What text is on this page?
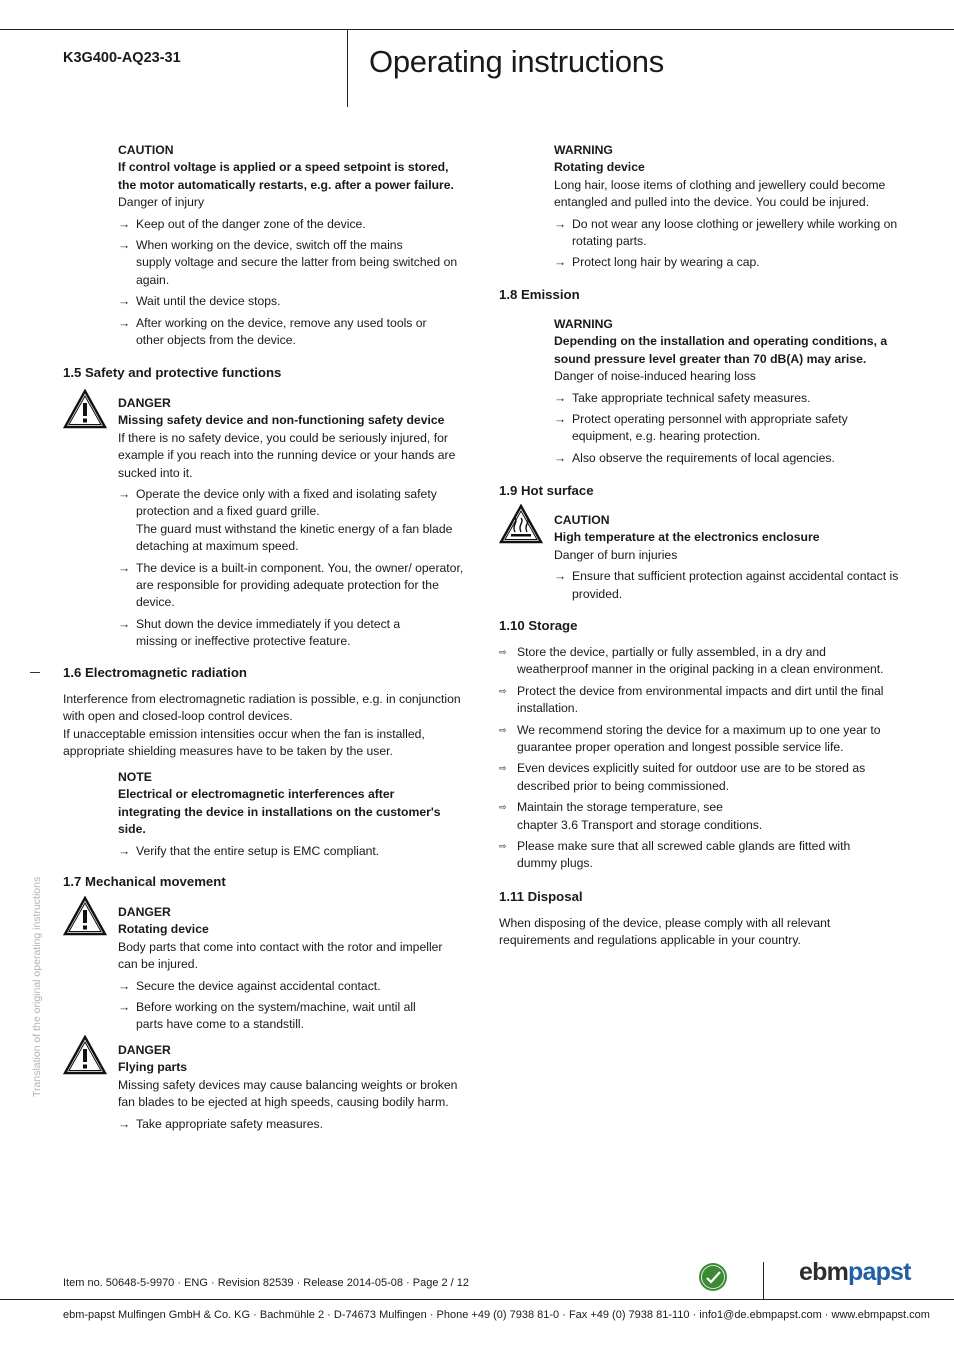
K3G400-AQ23-31	Operating instructions
Translation of the original operating instructions
CAUTION
If control voltage is applied or a speed setpoint is stored, the motor automatically restarts, e.g. after a power failure.
Danger of injury
→ Keep out of the danger zone of the device.
→ When working on the device, switch off the mains
supply voltage and secure the latter from being switched on again.
→ Wait until the device stops.
→ After working on the device, remove any used tools or
other objects from the device.
1.5 Safety and protective functions
DANGER
Missing safety device and non-functioning safety device
If there is no safety device, you could be seriously injured, for example if you reach into the running device or your hands are sucked into it.
→ Operate the device only with a fixed and isolating safety protection and a fixed guard grille.
The guard must withstand the kinetic energy of a fan blade detaching at maximum speed.
→ The device is a built-in component. You, the owner/ operator, are responsible for providing adequate protection for the device.
→ Shut down the device immediately if you detect a
missing or ineffective protective feature.
1.6 Electromagnetic radiation

Interference from electromagnetic radiation is possible, e.g. in conjunction with open and closed-loop control devices.

If unacceptable emission intensities occur when the fan is installed, appropriate shielding measures have to be taken by the user.

NOTE
Electrical or electromagnetic interferences after integrating the device in installations on the customer's side.
→ Verify that the entire setup is EMC compliant.
1.7 Mechanical movement
DANGER
Rotating device
Body parts that come into contact with the rotor and impeller can be injured.
→ Secure the device against accidental contact.
→ Before working on the system/machine, wait until all
parts have come to a standstill.
DANGER
Flying parts
Missing safety devices may cause balancing weights or broken fan blades to be ejected at high speeds, causing bodily harm.
→ Take appropriate safety measures.
WARNING
Rotating device
Long hair, loose items of clothing and jewellery could become entangled and pulled into the device. You could be injured.
→ Do not wear any loose clothing or jewellery while working on rotating parts.
→ Protect long hair by wearing a cap.
1.8 Emission
WARNING
Depending on the installation and operating conditions, a sound pressure level greater than 70 dB(A) may arise.
Danger of noise-induced hearing loss
→ Take appropriate technical safety measures.
→ Protect operating personnel with appropriate safety equipment, e.g. hearing protection.
→ Also observe the requirements of local agencies.
1.9 Hot surface
CAUTION
High temperature at the electronics enclosure
Danger of burn injuries
→ Ensure that sufficient protection against accidental contact is provided.
1.10 Storage
⇨ Store the device, partially or fully assembled, in a dry and weatherproof manner in the original packing in a clean environment.
⇨ Protect the device from environmental impacts and dirt until the final installation.
⇨ We recommend storing the device for a maximum up to one year to guarantee proper operation and longest possible service life.
⇨ Even devices explicitly suited for outdoor use are to be stored as described prior to being commissioned.
⇨ Maintain the storage temperature, see
chapter 3.6 Transport and storage conditions.
⇨ Please make sure that all screwed cable glands are fitted with dummy plugs.
1.11 Disposal
When disposing of the device, please comply with all relevant requirements and regulations applicable in your country.
Item no. 50648-5-9970 · ENG · Revision 82539 · Release 2014-05-08 · Page 2 / 12	ebmpapst
ebm-papst Mulfingen GmbH & Co. KG · Bachmühle 2 · D-74673 Mulfingen · Phone +49 (0) 7938 81-0 · Fax +49 (0) 7938 81-110 · info1@de.ebmpapst.com · www.ebmpapst.com
